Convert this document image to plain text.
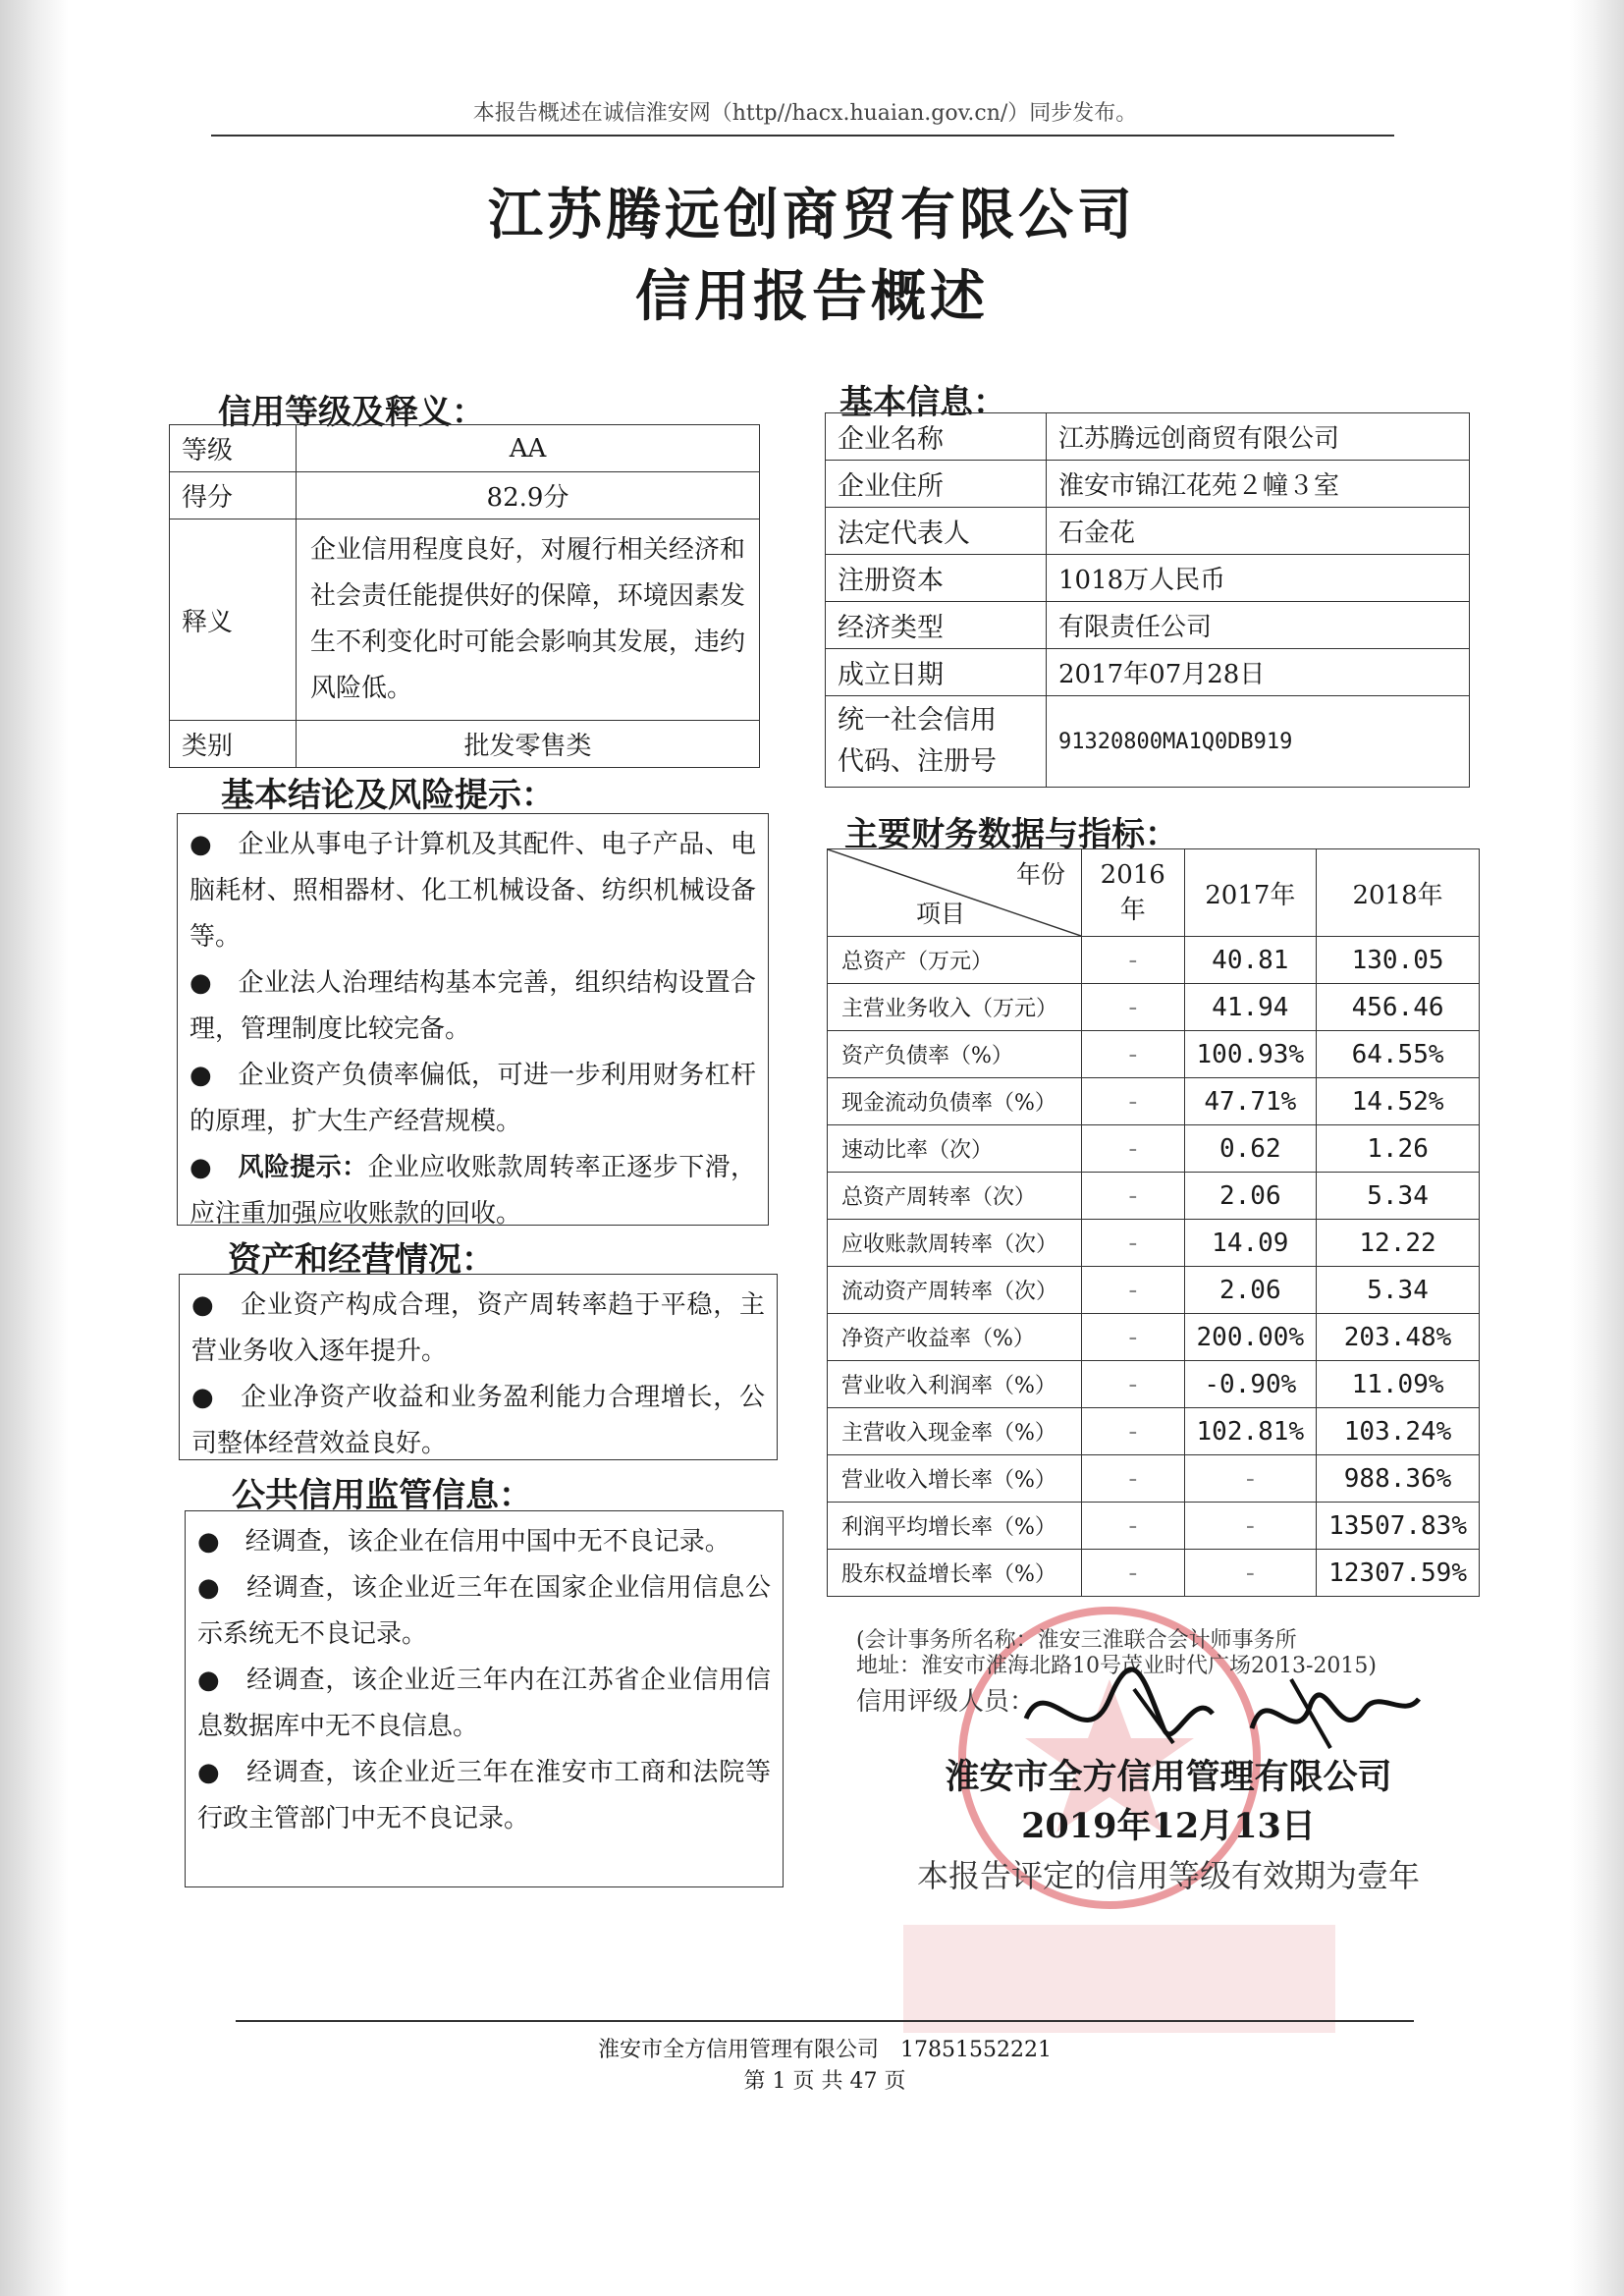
本报告概述在诚信淮安网（http//hacx.huaian.gov.cn/）同步发布。
江苏腾远创商贸有限公司
信用报告概述
信用等级及释义：
等级	AA
得分	82.9分
释义	企业信用程度良好，对履行相关经济和社会责任能提供好的保障，环境因素发生不利变化时可能会影响其发展，违约风险低。
类别	批发零售类
基本结论及风险提示：

●　 企业从事电子计算机及其配件、电子产品、电脑耗材、照相器材、化工机械设备、纺织机械设备等。

●　 企业法人治理结构基本完善，组织结构设置合理，管理制度比较完备。

●　 企业资产负债率偏低，可进一步利用财务杠杆的原理，扩大生产经营规模。

●　 风险提示：企业应收账款周转率正逐步下滑，应注重加强应收账款的回收。

资产和经营情况：

●　 企业资产构成合理，资产周转率趋于平稳，主营业务收入逐年提升。

●　 企业净资产收益和业务盈利能力合理增长，公司整体经营效益良好。

公共信用监管信息：

●　 经调查，该企业在信用中国中无不良记录。

●　 经调查，该企业近三年在国家企业信用信息公示系统无不良记录。

●　 经调查，该企业近三年内在江苏省企业信用信息数据库中无不良信息。

●　 经调查，该企业近三年在淮安市工商和法院等行政主管部门中无不良记录。

基本信息：
企业名称	江苏腾远创商贸有限公司
企业住所	淮安市锦江花苑２幢３室
法定代表人	石金花
注册资本	1018万人民币
经济类型	有限责任公司
成立日期	2017年07月28日

统一社会信用
代码、注册号	91320800MA1Q0DB919
主要财务数据与指标：
年份
项目	2016年	2017年	2018年
总资产（万元）	-	40.81	130.05
主营业务收入（万元）	-	41.94	456.46
资产负债率（%）	-	100.93%	64.55%
现金流动负债率（%）	-	47.71%	14.52%
速动比率（次）	-	0.62	1.26
总资产周转率（次）	-	2.06	5.34
应收账款周转率（次）	-	14.09	12.22
流动资产周转率（次）	-	2.06	5.34
净资产收益率（%）	-	200.00%	203.48%
营业收入利润率（%）	-	-0.90%	11.09%
主营收入现金率（%）	-	102.81%	103.24%
营业收入增长率（%）	-	-	988.36%
利润平均增长率（%）	-	-	13507.83%
股东权益增长率（%）	-	-	12307.59%
(会计事务所名称：淮安三淮联合会计师事务所
地址：淮安市淮海北路10号茂业时代广场2013-2015)
信用评级人员：
淮安市全方信用管理有限公司
2019年12月13日
本报告评定的信用等级有效期为壹年
淮安市全方信用管理有限公司　17851552221
第 1 页 共 47 页
